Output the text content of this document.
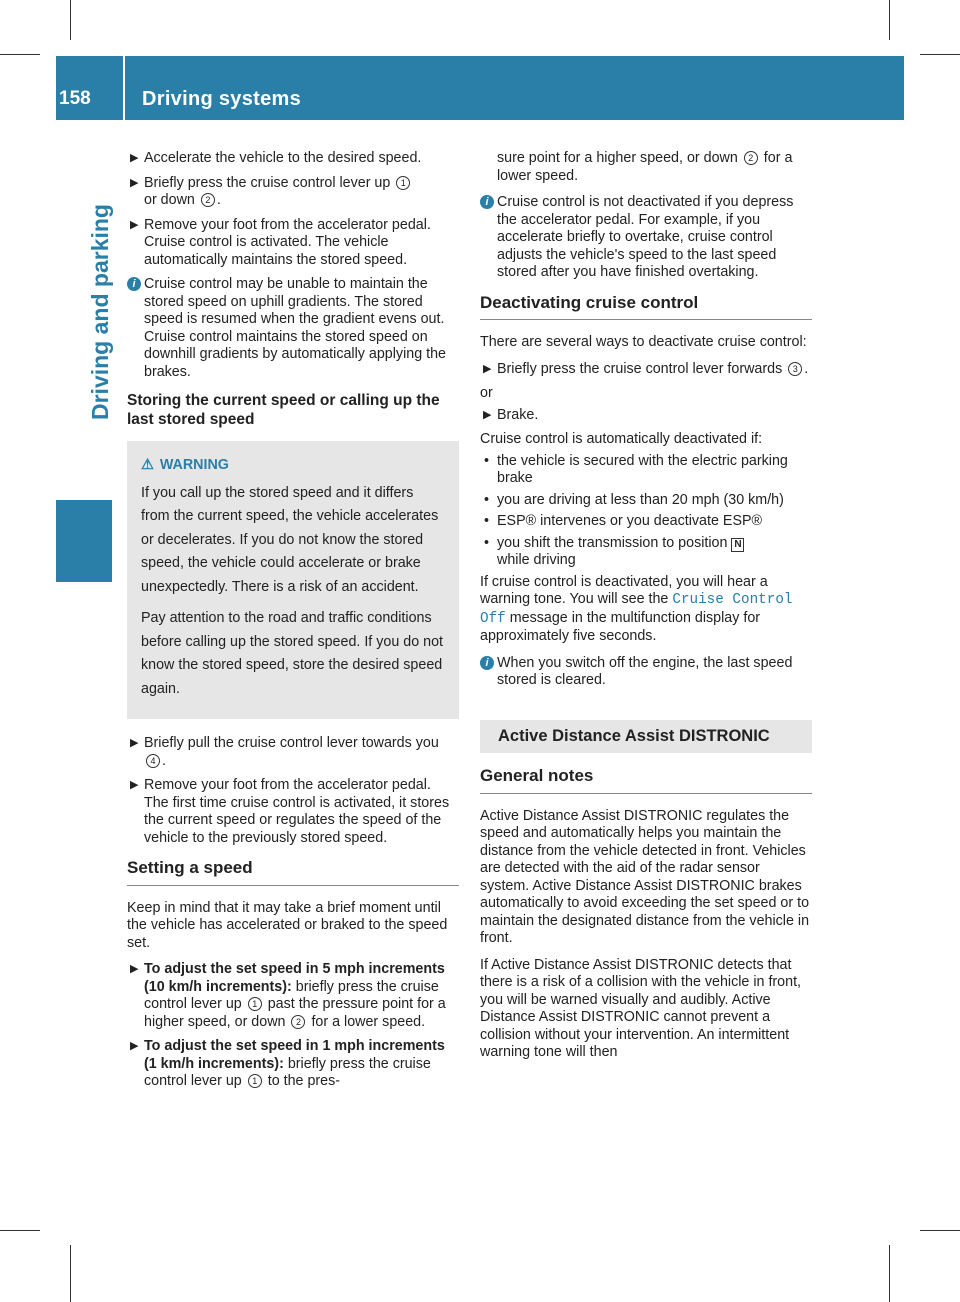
158	Driving systems
Driving and parking
▶ Accelerate the vehicle to the desired speed.
▶ Briefly press the cruise control lever up 1
or down 2 .
▶ Remove your foot from the accelerator pedal.
Cruise control is activated. The vehicle automatically maintains the stored speed.
i Cruise control may be unable to maintain the stored speed on uphill gradients. The stored speed is resumed when the gradient evens out. Cruise control maintains the stored speed on downhill gradients by automatically applying the brakes.
Storing the current speed or calling up the last stored speed
⚠ WARNING

If you call up the stored speed and it differs from the current speed, the vehicle accelerates or decelerates. If you do not know the stored speed, the vehicle could accelerate or brake unexpectedly. There is a risk of an accident.

Pay attention to the road and traffic conditions before calling up the stored speed. If you do not know the stored speed, store the desired speed again.

▶ Briefly pull the cruise control lever towards you 4 .
▶ Remove your foot from the accelerator pedal.
The first time cruise control is activated, it stores the current speed or regulates the speed of the vehicle to the previously stored speed.
Setting a speed

Keep in mind that it may take a brief moment until the vehicle has accelerated or braked to the speed set.

▶ To adjust the set speed in 5 mph increments (10 km/h increments): briefly press the cruise control lever up 1 past the pressure point for a higher speed, or down 2 for a lower speed.
▶ To adjust the set speed in 1 mph increments (1 km/h increments): briefly press the cruise control lever up 1 to the pres-

sure point for a higher speed, or down 2 for a lower speed.

i Cruise control is not deactivated if you depress the accelerator pedal. For example, if you accelerate briefly to overtake, cruise control adjusts the vehicle's speed to the last speed stored after you have finished overtaking.
Deactivating cruise control

There are several ways to deactivate cruise control:

▶ Briefly press the cruise control lever forwards 3 .

or

▶ Brake.

Cruise control is automatically deactivated if:

• the vehicle is secured with the electric parking brake
• you are driving at less than 20 mph (30 km/h)
• ESP® intervenes or you deactivate ESP®
• you shift the transmission to position N
while driving

If cruise control is deactivated, you will hear a warning tone. You will see the Cruise Control Off message in the multifunction display for approximately five seconds.

i When you switch off the engine, the last speed stored is cleared.
Active Distance Assist DISTRONIC
General notes

Active Distance Assist DISTRONIC regulates the speed and automatically helps you maintain the distance from the vehicle detected in front. Vehicles are detected with the aid of the radar sensor system. Active Distance Assist DISTRONIC brakes automatically to avoid exceeding the set speed or to maintain the designated distance from the vehicle in front.

If Active Distance Assist DISTRONIC detects that there is a risk of a collision with the vehicle in front, you will be warned visually and audibly. Active Distance Assist DISTRONIC cannot prevent a collision without your intervention. An intermittent warning tone will then
